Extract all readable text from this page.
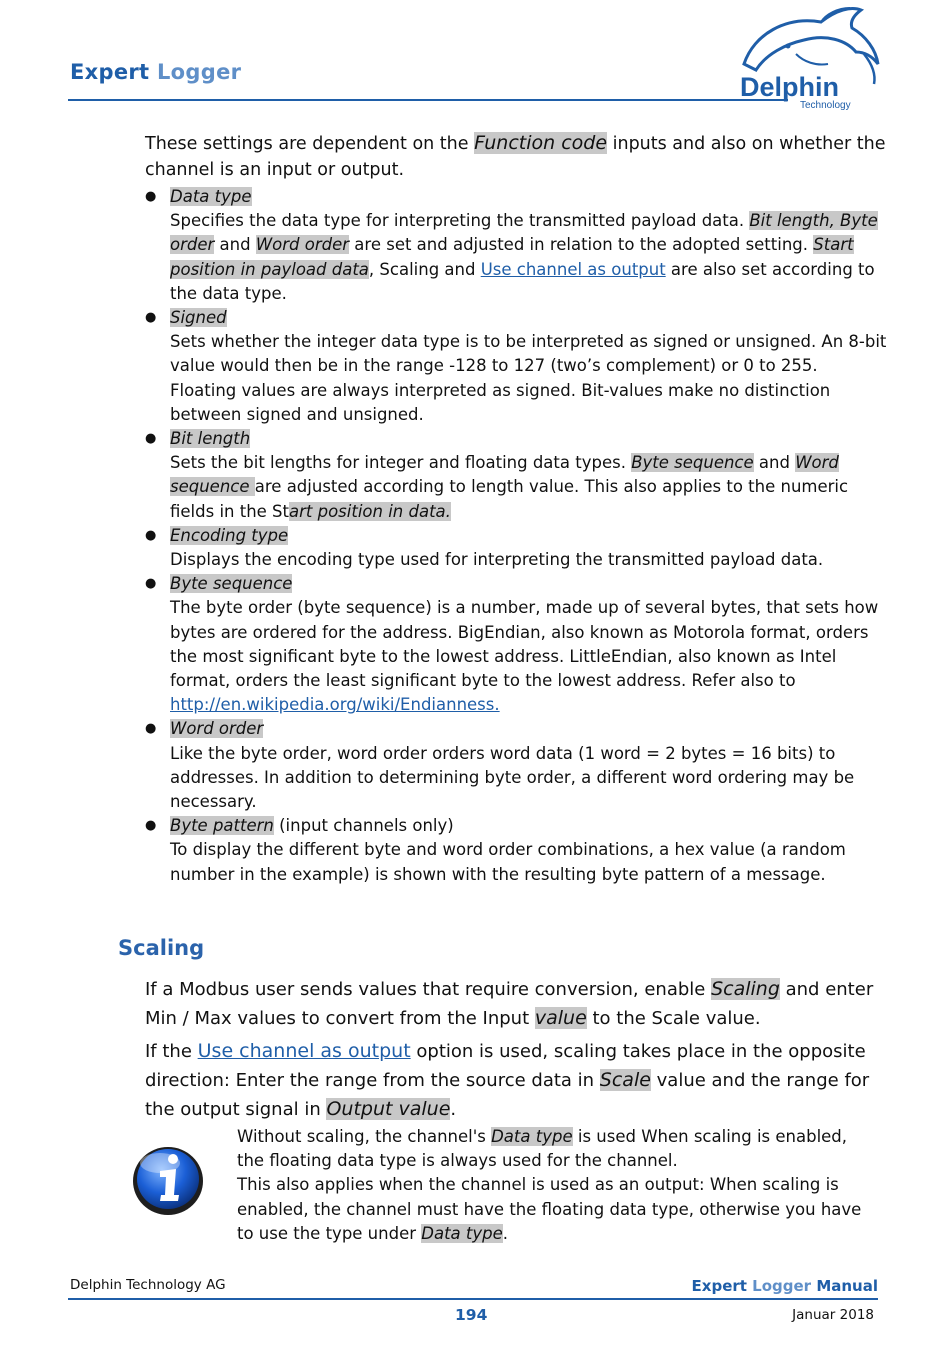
Expert Logger	Delphin
Technology

These settings are dependent on the Function code inputs and also on whether the channel is an input or output.

● Data type
Specifies the data type for interpreting the transmitted payload data. Bit length, Byte order and Word order are set and adjusted in relation to the adopted setting. Start position in payload data, Scaling and Use channel as output are also set according to the data type.
● Signed
Sets whether the integer data type is to be interpreted as signed or unsigned. An 8-bit value would then be in the range -128 to 127 (two’s complement) or 0 to 255. Floating values are always interpreted as signed. Bit-values make no distinction between signed and unsigned.
● Bit length
Sets the bit lengths for integer and floating data types. Byte sequence and Word sequence are adjusted according to length value. This also applies to the numeric fields in the Start position in data.
● Encoding type
Displays the encoding type used for interpreting the transmitted payload data.
● Byte sequence
The byte order (byte sequence) is a number, made up of several bytes, that sets how bytes are ordered for the address. BigEndian, also known as Motorola format, orders the most significant byte to the lowest address. LittleEndian, also known as Intel format, orders the least significant byte to the lowest address. Refer also to http://en.wikipedia.org/wiki/Endianness.
● Word order
Like the byte order, word order orders word data (1 word = 2 bytes = 16 bits) to addresses. In addition to determining byte order, a different word ordering may be necessary.
● Byte pattern (input channels only)
To display the different byte and word order combinations, a hex value (a random number in the example) is shown with the resulting byte pattern of a message.
Scaling

If a Modbus user sends values that require conversion, enable Scaling and enter Min / Max values to convert from the Input value to the Scale value.

If the Use channel as output option is used, scaling takes place in the opposite direction: Enter the range from the source data in Scale value and the range for the output signal in Output value.

Without scaling, the channel's Data type is used When scaling is enabled, the floating data type is always used for the channel.

This also applies when the channel is used as an output: When scaling is enabled, the channel must have the floating data type, otherwise you have to use the type under Data type.

Delphin Technology AG	Expert Logger Manual
194	Januar 2018
